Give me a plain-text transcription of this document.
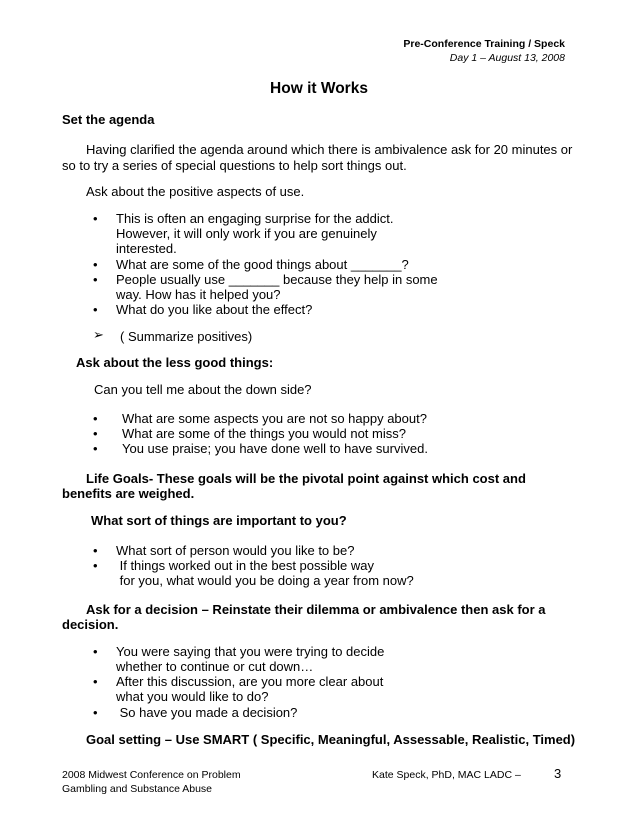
Pre-Conference Training / Speck
Day 1 – August 13, 2008
How it Works
Set the agenda
Having clarified the agenda around which there is ambivalence ask for 20 minutes or
so to try a series of special questions to help sort things out.
Ask about the positive aspects of use.
• This is often an engaging surprise for the addict.
However, it will only work if you are genuinely
interested.
• What are some of the good things about _______?
• People usually use _______ because they help in some
way. How has it helped you?
• What do you like about the effect?
➢ ( Summarize positives)
Ask about the less good things:
Can you tell me about the down side?
• What are some aspects you are not so happy about?
• What are some of the things you would not miss?
• You use praise; you have done well to have survived.
Life Goals- These goals will be the pivotal point against which cost and
benefits are weighed.
What sort of things are important to you?
• What sort of person would you like to be?
• If things worked out in the best possible way
for you, what would you be doing a year from now?
Ask for a decision – Reinstate their dilemma or ambivalence then ask for a
decision.
• You were saying that you were trying to decide
whether to continue or cut down…
• After this discussion, are you more clear about
what you would like to do?
• So have you made a decision?
Goal setting – Use SMART ( Specific, Meaningful, Assessable, Realistic, Timed)
2008 Midwest Conference on Problem
Gambling and Substance Abuse
Kate Speck, PhD, MAC LADC –	3
